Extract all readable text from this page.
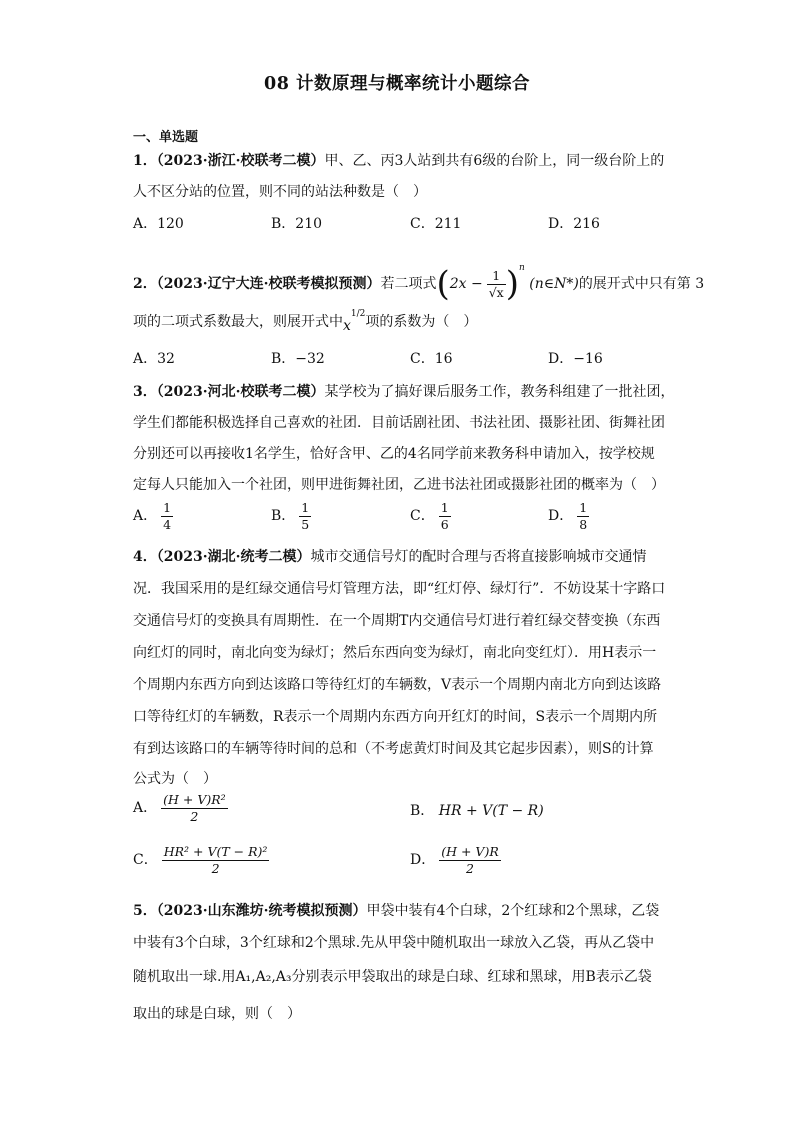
08 计数原理与概率统计小题综合
一、单选题
1．（2023·浙江·校联考二模）甲、乙、丙3人站到共有6级的台阶上，同一级台阶上的
人不区分站的位置，则不同的站法种数是（　）
A．120	B．210	C．211	D．216
2．（2023·辽宁大连·校联考模拟预测）若二项式$(2x - \frac{1}{√x} )^n$ (n∈N*)的展开式中只有第 3
项的二项式系数最大，则展开式中$x^{1/2}$项的系数为（　）
A．32	B．−32	C．16	D．−16
3．（2023·河北·校联考二模）某学校为了搞好课后服务工作，教务科组建了一批社团，
学生们都能积极选择自己喜欢的社团．目前话剧社团、书法社团、摄影社团、街舞社团
分别还可以再接收1名学生，恰好含甲、乙的4名同学前来教务科申请加入，按学校规
定每人只能加入一个社团，则甲进街舞社团，乙进书法社团或摄影社团的概率为（　）
A． $\frac{1}{4}$	B． $\frac{1}{5}$	C． $\frac{1}{6}$	D． $\frac{1}{8}$
4．（2023·湖北·统考二模）城市交通信号灯的配时合理与否将直接影响城市交通情
况．我国采用的是红绿交通信号灯管理方法，即“红灯停、绿灯行”．不妨设某十字路口
交通信号灯的变换具有周期性．在一个周期T内交通信号灯进行着红绿交替变换（东西
向红灯的同时，南北向变为绿灯；然后东西向变为绿灯，南北向变红灯）．用H表示一
个周期内东西方向到达该路口等待红灯的车辆数，V表示一个周期内南北方向到达该路
口等待红灯的车辆数，R表示一个周期内东西方向开红灯的时间，S表示一个周期内所
有到达该路口的车辆等待时间的总和（不考虑黄灯时间及其它起步因素），则S的计算
公式为（　）
A． $\frac{\text{(H + V)R²}}{2}$	B． HR + V(T − R)
C． $\frac{\text{HR² + V(T − R)²}}{2}$	D． $\frac{(H + V)R}{2}$
5．（2023·山东潍坊·统考模拟预测）甲袋中装有4个白球，2个红球和2个黑球，乙袋
中装有3个白球，3个红球和2个黑球.先从甲袋中随机取出一球放入乙袋，再从乙袋中
随机取出一球.用A₁,A₂,A₃分别表示甲袋取出的球是白球、红球和黑球，用B表示乙袋
取出的球是白球，则（　）
